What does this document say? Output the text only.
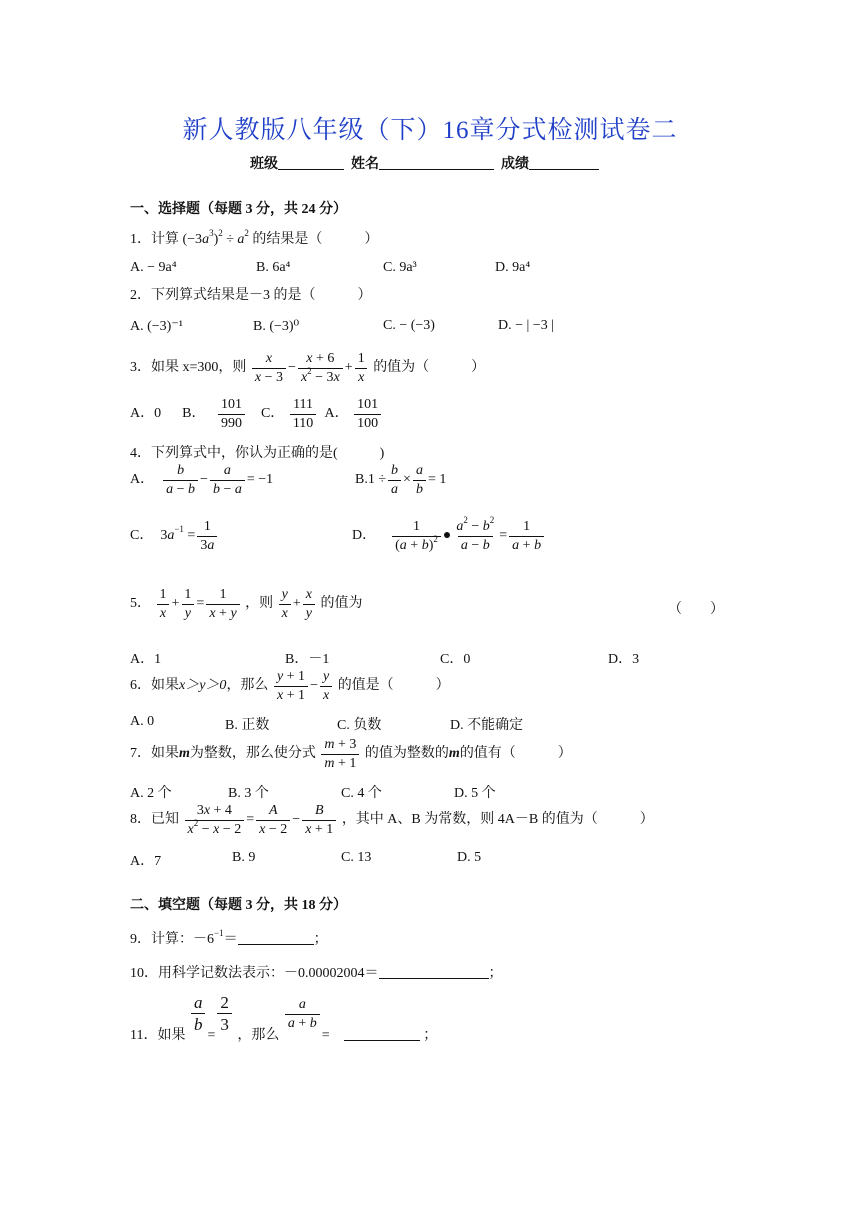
新人教版八年级（下）16章分式检测试卷二
班级	姓名	成绩
一、选择题（每题 3 分，共 24 分）
1．计算 $(-3a^3)^2 \div a^2$ 的结果是（　　　）
A. − 9a⁴	B. 6a⁴	C. 9a³	D. 9a⁴
2．下列算式结果是－3 的是（　　　）
A. (−3)⁻¹	B. (−3)⁰	C. − (−3)	D. − | −3 |
3．如果 x=300，则 $\frac{x}{x - 3} - \frac{x + 6}{x^2 - 3x} + \frac{1}{x}$ 的值为（　　　）
A．0 B． $\frac{101}{990}$ C． $\frac{111}{110}$ A． $\frac{101}{100}$
4．下列算式中，你认为正确的是(　　　)
A． $\frac{b}{a - b} - \frac{a}{b - a} = -1$	$B.1 \div \frac{b}{a} \times \frac{a}{b} = 1$
C．  $3a^{-1} = \frac{1}{3a}$	D． $\frac{1}{(a + b)^2}$ ● $\frac{a^2 - b^2}{a - b} = \frac{1}{a + b}$
5． $\frac{1}{x} + \frac{1}{y} = \frac{1}{x + y}$ ，则 $\frac{y}{x} + \frac{x}{y}$ 的值为	（　　）
A．1	B．－1	C．0	D．3
6．如果x＞y＞0，那么 $\frac{y + 1}{x + 1} - \frac{y}{x}$ 的值是（　　　）
A. 0	B. 正数	C. 负数	D. 不能确定
7．如果m为整数，那么使分式 $\frac{m + 3}{m + 1}$ 的值为整数的m的值有（　　　）
A. 2 个	B. 3 个	C. 4 个	D. 5 个
8．已知 $\frac{3x + 4}{x^2 - x - 2} = \frac{A}{x - 2} - \frac{B}{x + 1}$ ，其中 A、B 为常数，则 4A－B 的值为（　　　）
A．7	B. 9	C. 13	D. 5
二、填空题（每题 3 分，共 18 分）
9．计算：$-6^{-1}=$	；
10．用科学记数法表示：－0.00002004＝	；
11．如果 $\frac{a}{b} = \frac{2}{3}$ ，那么
$\frac{a}{a + b}$
=	；
